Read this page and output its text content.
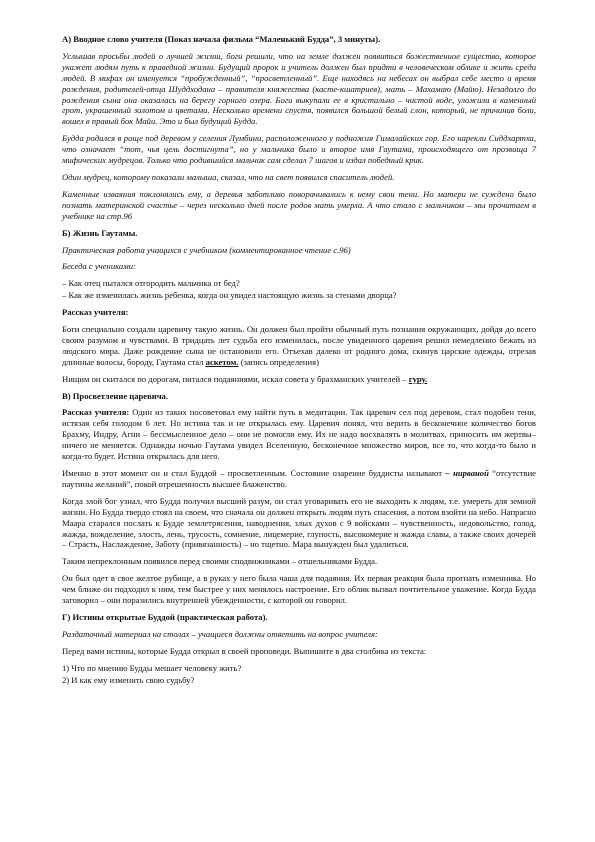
А) Вводное слово учителя (Показ начала фильма “Маленький Будда”, 3 минуты).

Услышав просьбы людей о лучшей жизни, боги решили, что на земле должен появиться божественное существо, которое укажет людям путь к праведной жизни. Будущий пророк и учитель должен был придти в человеческом облике и жить среди людей. В мифах он именуется “пробужденный”, “просветленный”. Еще находясь на небесах он выбрал себе место и время рождения, родителей-отца Шуддходана – правителя княжества (касте-кшатриев), мать – Махамаю (Майю). Незадолго до рождения сына она оказалась на берегу горного озера. Боги выкупали ее в кристально – чистой воде, уложили в каменный грот, украшенный золотом и цветами. Несколько времени спустя, появился большой белый слон, который, не причинив боли, вошел в правый бок Майи. Это и был будущий Будда.

Будда родился в роще под деревом у селения Лумбини, расположенного у подножия Гималайских гор. Его нарекли Сиддхартха, что означает “тот, чья цель достигнута”, но у мальчика было и второе имя Гаутама, происходящего от прозвища 7 мифических мудрецов. Только что родившийся мальчик сам сделал 7 шагов и издал победный крик.

Один мудрец, которому показали малыша, сказал, что на свет появился спаситель людей.

Каменные изваяния поклонялись ему, а деревья заботливо поворачивались к нему свои тени. Но матери не суждено было познать материнской счастье – через несколько дней после родов мать умерла. А что стало с мальчиком – мы прочитаем в учебнике на стр.96

Б) Жизнь Гаутамы.

Практическая работа учащихся с учебником (комментированное чтение с.96)

Беседа с учениками:

– Как отец пытался отгородить мальчика от бед?

– Как же изменилась жизнь ребенка, когда он увидел настоящую жизнь за стенами дворца?

Рассказ учителя:

Боги специально создали царевичу такую жизнь. Он должен был пройти обычный путь познания окружающих, дойдя до всего своим разумом и чувствами. В тридцать лет судьба его изменилась, после увиденного царевич решил немедленно бежать из людского мира. Даже рождение сына не остановило его. Отъехав далеко от родного дома, скинув царские одежды, отрезав длинные волосы, бороду, Гаутама стал аскетом. (запись определения)

Нищим он скитался по дорогам, питался подаяниями, искал совета у брахманских учителей – гуру.

В) Просветление царевича.

Рассказ учителя: Один из таких посоветовал ему найти путь в медитации. Так царевич сел под деревом, стал подобен тени, истязая себя голодом 6 лет. Но истина так и не открылась ему. Царевич понял, что верить в бесконечное количество богов Брахму, Индру, Агни – бессмысленное дело – они не помогли ему. Их не надо восхвалять в молитвах, приносить им жертвы– ничего не меняется. Однажды ночью Гаутама увидел Вселенную, бесконечное множество миров, все то, что когда-то было и когда-то будет. Истина открылась для него.

Именно в этот момент он и стал Буддой – просветленным. Состояние озарение буддисты называют – нирваной “отсутствие паутины желаний”, покой отрешенность высшее блаженство.

Когда злой бог узнал, что Будда получил высший разум, он стал уговаривать его не выходить к людям, т.е. умереть для земной жизни. Но Будда твердо стоял на своем, что сначала он должен открыть людям путь спасения, а потом взойти на небо. Напрасно Маара старался послать к Будде землетрясения, наводнения, злых духов с 9 войсками – чувственность, недовольство, голод, жажда, вожделение, злость, лень, трусость, сомнение, лицемерие, глупость, высокомерие и жажда славы, а также своих дочерей – Страсть, Наслаждение, Заботу (привязанность) – но тщетно. Мара вынужден был удалиться.

Таким непреклонным появился перед своими сподвижниками – отшельниками Будда.

Он был одет в свое желтое рубище, а в руках у него была чаша для подаяния. Их первая реакция была прогнать изменника. Но чем ближе он подходил к ним, тем быстрее у них менялось настроение. Его облик вызвал почтительное уважение. Когда Будда заговорил – они поразились внутренней убежденности, с которой он говорил.

Г) Истины открытые Буддой (практическая работа).

Раздаточный материал на столах – учащиеся должны ответить на вопрос учителя:

Перед вами истины, которые Будда открыл в своей проповеди. Выпишите в два столбика из текста:

1) Что по мнению Будды мешает человеку жить?

2) И как ему изменить свою судьбу?
